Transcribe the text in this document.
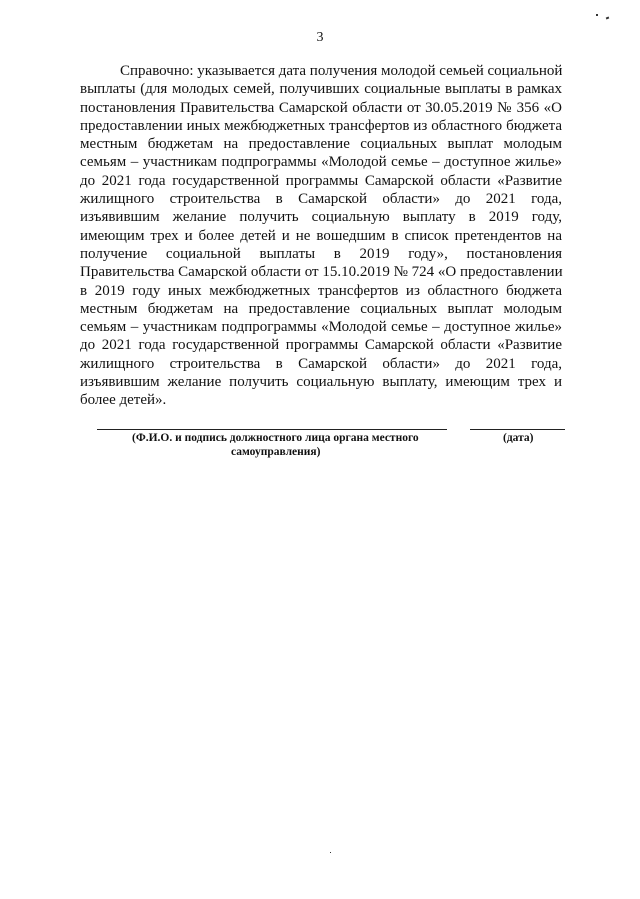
3
Справочно: указывается дата получения молодой семьей социальной
выплаты (для молодых семей, получивших социальные выплаты в рамках
постановления Правительства Самарской области от 30.05.2019 № 356 «О
предоставлении иных межбюджетных трансфертов из областного бюджета
местным бюджетам на предоставление социальных выплат молодым
семьям – участникам подпрограммы «Молодой семье – доступное жилье»
до 2021 года государственной программы Самарской области «Развитие
жилищного строительства в Самарской области» до 2021 года,
изъявившим желание получить социальную выплату в 2019 году,
имеющим трех и более детей и не вошедшим в список претендентов на
получение социальной выплаты в 2019 году», постановления
Правительства Самарской области от 15.10.2019 № 724 «О предоставлении
в 2019 году иных межбюджетных трансфертов из областного бюджета
местным бюджетам на предоставление социальных выплат молодым
семьям – участникам подпрограммы «Молодой семье – доступное жилье»
до 2021 года государственной программы Самарской области «Развитие
жилищного строительства в Самарской области» до 2021 года,
изъявившим желание получить социальную выплату, имеющим трех и
более детей».
(Ф.И.О. и подпись должностного лица органа местного
самоуправления)
(дата)
